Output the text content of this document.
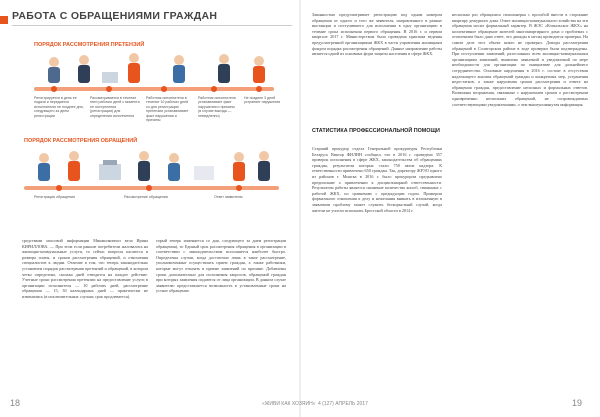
РАБОТА С ОБРАЩЕНИЯМИ ГРАЖДАН
ПОРЯДОК РАССМОТРЕНИЯ ПРЕТЕНЗИЙ
Регистрируется в день ее подачи и передается исполнителю не позднее дня, следующего за днем регистрации
Рассматривается в течение пяти рабочих дней с момента ее поступления (регистрации) для определения исполнителя
Работник исполнителя в течение 10 рабочих дней со дня регистрации претензии устанавливает факт нарушения и причины
Работник исполнителя устанавливает факт нарушения и причины (в случае выезда — немедленно)
Не позднее 3 дней устраняет нарушения
ПОРЯДОК РАССМОТРЕНИЯ ОБРАЩЕНИЙ
Регистрация обращения	Рассмотрение обращения	Ответ заявителю
средствами массовой информации Минжилкомхоз вела Ирина КИРИЛЛОВА. — При этом если раньше потребители жаловались на жилищно-коммунальные услуги, то сейчас вопросы касаются и размера платы, и сроков рассмотрения обращений, и отношения специалистов к людям. Отличие в том, что теперь законодательно установлен порядок рассмотрения претензий и обращений, в котором четко определено, сколько дней отводится на каждое действие. Учетные сроки рассмотрения претензии на предоставление услуги в организации исполнителя — 10 рабочих дней, рассмотрение обращения — 15, 30 календарных дней — практически не изменились (в исключительных случаях срок продлевается).
торый теперь изменяется со дня, следующего за днем регистрации обращения), то Единый срок рассмотрения обращения в организации в соответствии с законодательством исполняется наиболее быстро. Определены случаи, когда достаточно лишь в такое рассмотрение, уполномоченные осуществлять прием граждан, а также работники, которые могут отказать в приеме заявлений по причине. Добавлены сроки дополнительно для исполнения запросов, обращений граждан при которых заявления подаются от лица организации. В данном случае заявителю предоставляется возможность в установленные сроки на устное обращение.
Законностью предусматривает регистрацию под одним номером обращения от одного и того же заявителя, направленного в разные инстанции и поступившего для исполнения в одну организацию в течение срока исполнения первого обращения. В 2016 г. и первом квартале 2017 г. Министерством была проведена практика ведения предусмотренной организациями ЖКХ в части управления жилищным фондом порядка рассмотрения обращений. Данное направление работы является одной из основных форм защиты населения в сфере ЖКХ.
СТАТИСТИКА ПРОФЕССИОНАЛЬНОЙ ПОМОЩИ
Старший прокурор отдела Генеральной прокуратуры Республики Беларусь Виктор ФИЛИН сообщил, что в 2016 г. проведено 357 проверок исполнения в сфере ЖКХ, законодательства об обращениях граждан, результатом которых стали 750 актов надзора. К ответственности привлечено 650 граждан. Так, директору ЖРЭО одного из районов г. Минска в 2016 г. было прокурором предъявлено предписание о привлечении к дисциплинарной ответственности. Результатом работы является снижение количества жалоб, связанных с работой ЖКХ, по сравнению с предыдущим годом. Примером формального отношения к делу и нежелания вникать в изложенную в заявлении проблему может служить бескорыстный случай, когда жители не успели исполнить Брестской области в 2014 г.
несколько раз обращались пенсионерка с просьбой внести в сторонние квартиру дежурного дома. Ответ жилищно-коммунального хозяйства на эти обращения носил формальный характер. В ЖЭС «Копыльское ЖКХ» на коллективное обращение жителей многоквартирного дома о проблемах с отоплением было дано ответ, что дважды в месяц проводится проверка. На самом деле этот объект никто не проверял. Доводы рассмотрения обращений в Солигорском районе в ходе проверки были подтверждены. При поступлении заявлений, разосланных всем жилищно-коммунальным организациям заявлений, выявлено заявлений и уведомлений по мере необходимости для организации по инициативе для дальнейшего сотрудничества. Основные нарушения в 2016 г. состоят в отсутствии надлежащего анализа обращений граждан и конкретных мер, устранения недостатков, а также нарушения сроков рассмотрения и ответа на обращения граждан, предоставление неполных и формальных ответов. Возможны возражения, связанные с нарушением сроков о рассмотрении одновременно нескольких обращений, не сопровождаемых соответствующими уведомлениями, о чем вышеупомянутая информация.
18	«ЖИВИ КАК ХОЗЯИН» 4 (127) АПРЕЛЬ 2017	19
